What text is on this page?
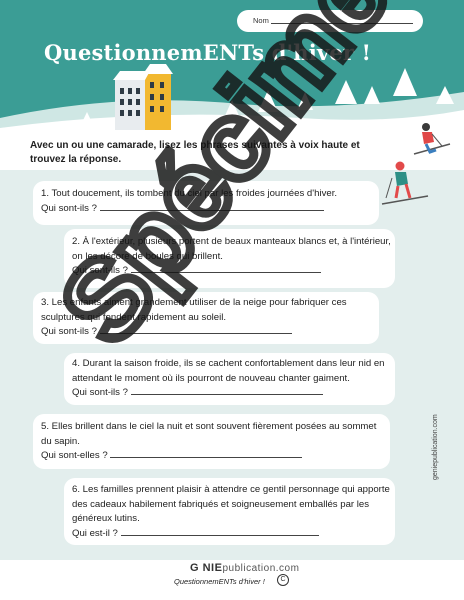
Nom
QuestionnemENTs d'hiver !
Avec un ou une camarade, lisez les phrases suivantes à voix haute et trouvez la réponse.
1. Tout doucement, ils tombent du ciel par les froides journées d'hiver.
Qui sont-ils ?
2. À l'extérieur, plusieurs portent de beaux manteaux blancs et, à l'intérieur,
on les décore de boules qui brillent.
Qui sont-ils ?
3. Les enfants aiment grandement utiliser de la neige pour fabriquer ces
sculptures qui fondent rapidement au soleil.
Qui sont-ils ?
4. Durant la saison froide, ils se cachent confortablement dans leur nid en
attendant le moment où ils pourront de nouveau chanter gaiment.
Qui sont-ils ?
5. Elles brillent dans le ciel la nuit et sont souvent fièrement posées au sommet
du sapin.
Qui sont-elles ?
6. Les familles prennent plaisir à attendre ce gentil personnage qui apporte
des cadeaux habilement fabriqués et soigneusement emballés par les
généreux lutins.
Qui est-il ?
geniepublication.com
G NIEpublication.com
QuestionnemENTs d'hiver !	C
